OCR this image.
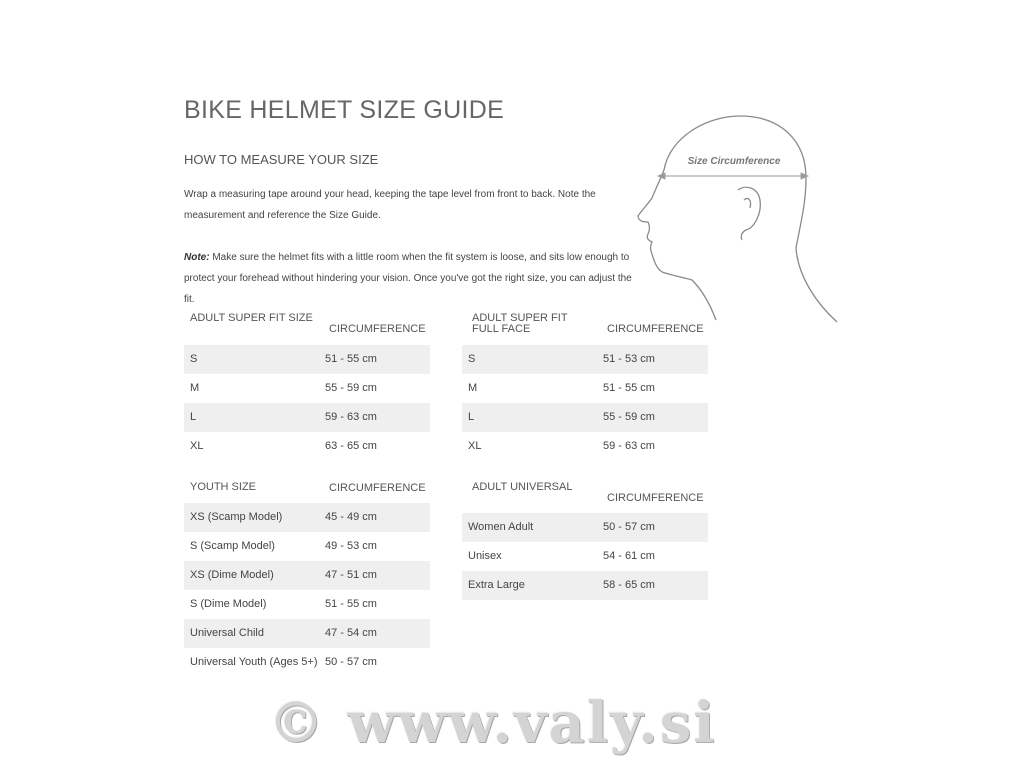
BIKE HELMET SIZE GUIDE
HOW TO MEASURE YOUR SIZE

Wrap a measuring tape around your head, keeping the tape level from front to back. Note the measurement and reference the Size Guide.

Note: Make sure the helmet fits with a little room when the fit system is loose, and sits low enough to protect your forehead without hindering your vision. Once you've got the right size, you can adjust the fit.

Size Circumference
ADULT SUPER FIT SIZE
CIRCUMFERENCE
S	51 - 55 cm
M	55 - 59 cm
L	59 - 63 cm
XL	63 - 65 cm
ADULT SUPER FIT FULL FACE	CIRCUMFERENCE
S	51 - 53 cm
M	51 - 55 cm
L	55 - 59 cm
XL	59 - 63 cm
YOUTH SIZE	CIRCUMFERENCE
XS (Scamp Model)	45 - 49 cm
S (Scamp Model)	49 - 53 cm
XS (Dime Model)	47 - 51 cm
S (Dime Model)	51 - 55 cm
Universal Child	47 - 54 cm
Universal Youth (Ages 5+) 50 - 57 cm
ADULT UNIVERSAL
CIRCUMFERENCE
Women Adult	50 - 57 cm
Unisex	54 - 61 cm
Extra Large	58 - 65 cm
© www.valy.si
